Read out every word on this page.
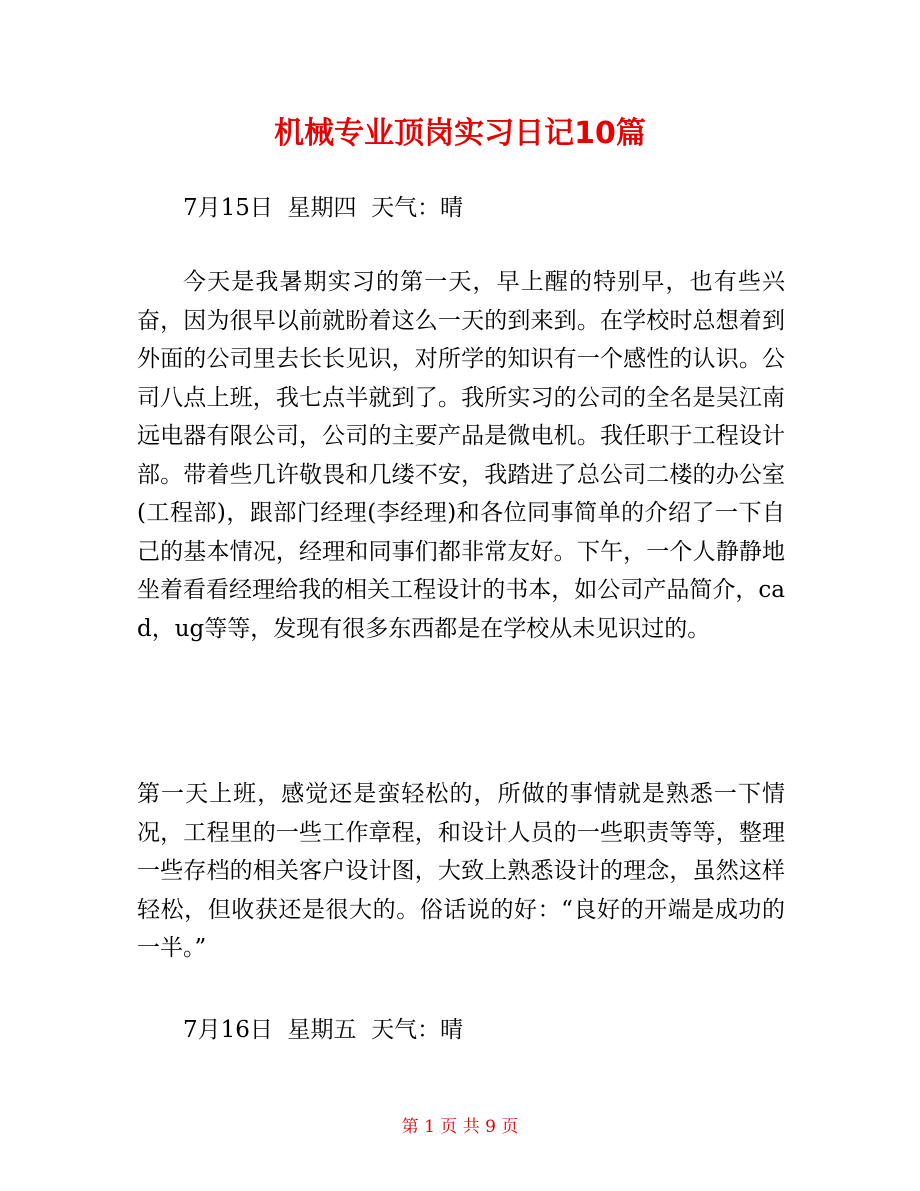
机械专业顶岗实习日记10篇
7月15日  星期四  天气：晴

今天是我暑期实习的第一天，早上醒的特别早，也有些兴奋，因为很早以前就盼着这么一天的到来到。在学校时总想着到外面的公司里去长长见识，对所学的知识有一个感性的认识。公司八点上班，我七点半就到了。我所实习的公司的全名是吴江南远电器有限公司，公司的主要产品是微电机。我任职于工程设计部。带着些几许敬畏和几缕不安，我踏进了总公司二楼的办公室(工程部)，跟部门经理(李经理)和各位同事简单的介绍了一下自己的基本情况，经理和同事们都非常友好。下午，一个人静静地坐着看看经理给我的相关工程设计的书本，如公司产品简介，cad，ug等等，发现有很多东西都是在学校从未见识过的。

第一天上班，感觉还是蛮轻松的，所做的事情就是熟悉一下情况，工程里的一些工作章程，和设计人员的一些职责等等，整理一些存档的相关客户设计图，大致上熟悉设计的理念，虽然这样轻松，但收获还是很大的。俗话说的好：“良好的开端是成功的一半。”

7月16日  星期五  天气：晴
第 1 页 共 9 页
